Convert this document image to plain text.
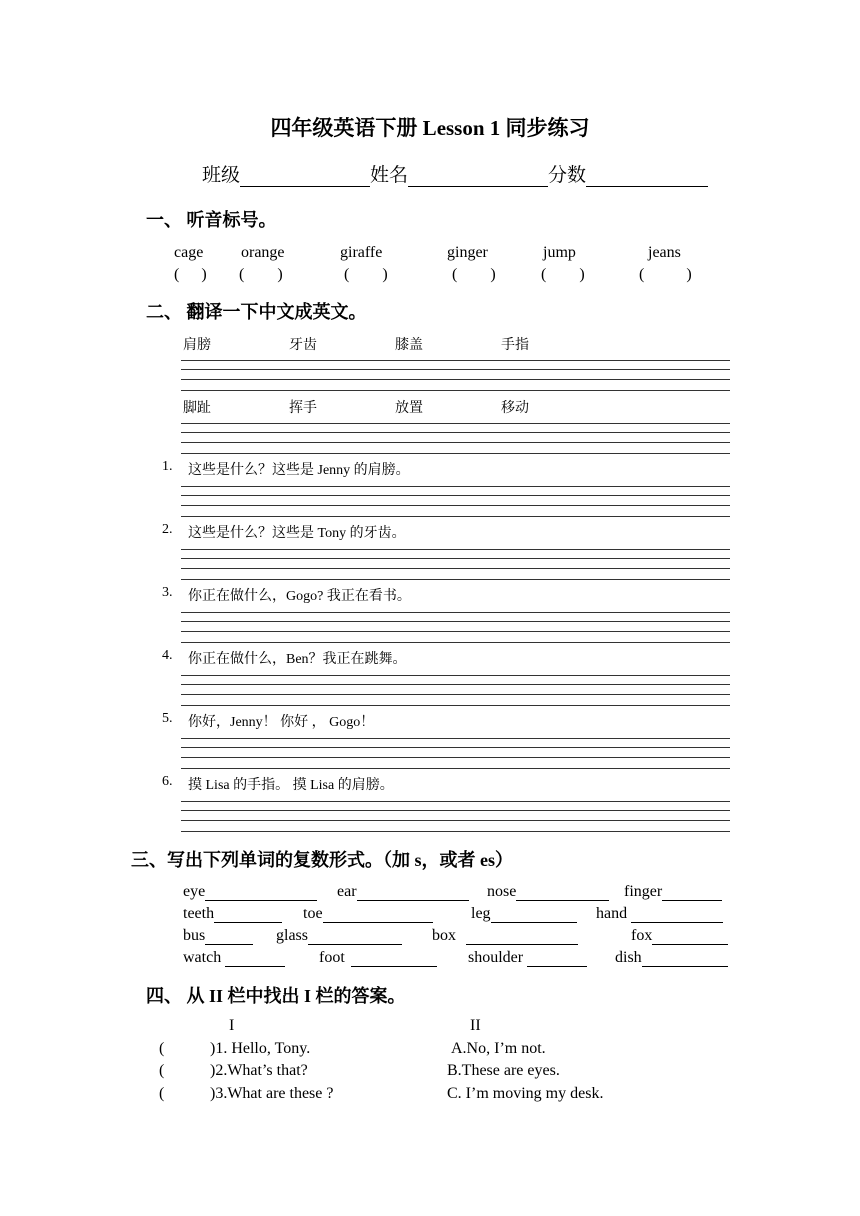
四年级英语下册 Lesson 1 同步练习
班级	姓名	分数
一、 听音标号。
cage orange	giraffe	ginger	jump	jeans
( ) ( )	( )	( )	( )	(	)
二、 翻译一下中文成英文。
肩膀	牙齿	膝盖	手指
脚趾	挥手	放置	移动
1. 这些是什么？这些是 Jenny 的肩膀。
2. 这些是什么？这些是 Tony 的牙齿。
3. 你正在做什么，Gogo? 我正在看书。
4. 你正在做什么，Ben？我正在跳舞。
5. 你好，Jenny！ 你好 ， Gogo！
6. 摸 Lisa 的手指。 摸 Lisa 的肩膀。
三、写出下列单词的复数形式。（加 s，或者 es）
eye	ear	nose	finger
teeth	toe	leg	hand
bus	glass	box	fox
watch	foot	shoulder	dish
四、 从 II 栏中找出 I 栏的答案。
I	II
(	)1. Hello, Tony.	A.No, I’m not.
(	)2.What’s that?	B.These are eyes.
(	)3.What are these ?	C. I’m moving my desk.
